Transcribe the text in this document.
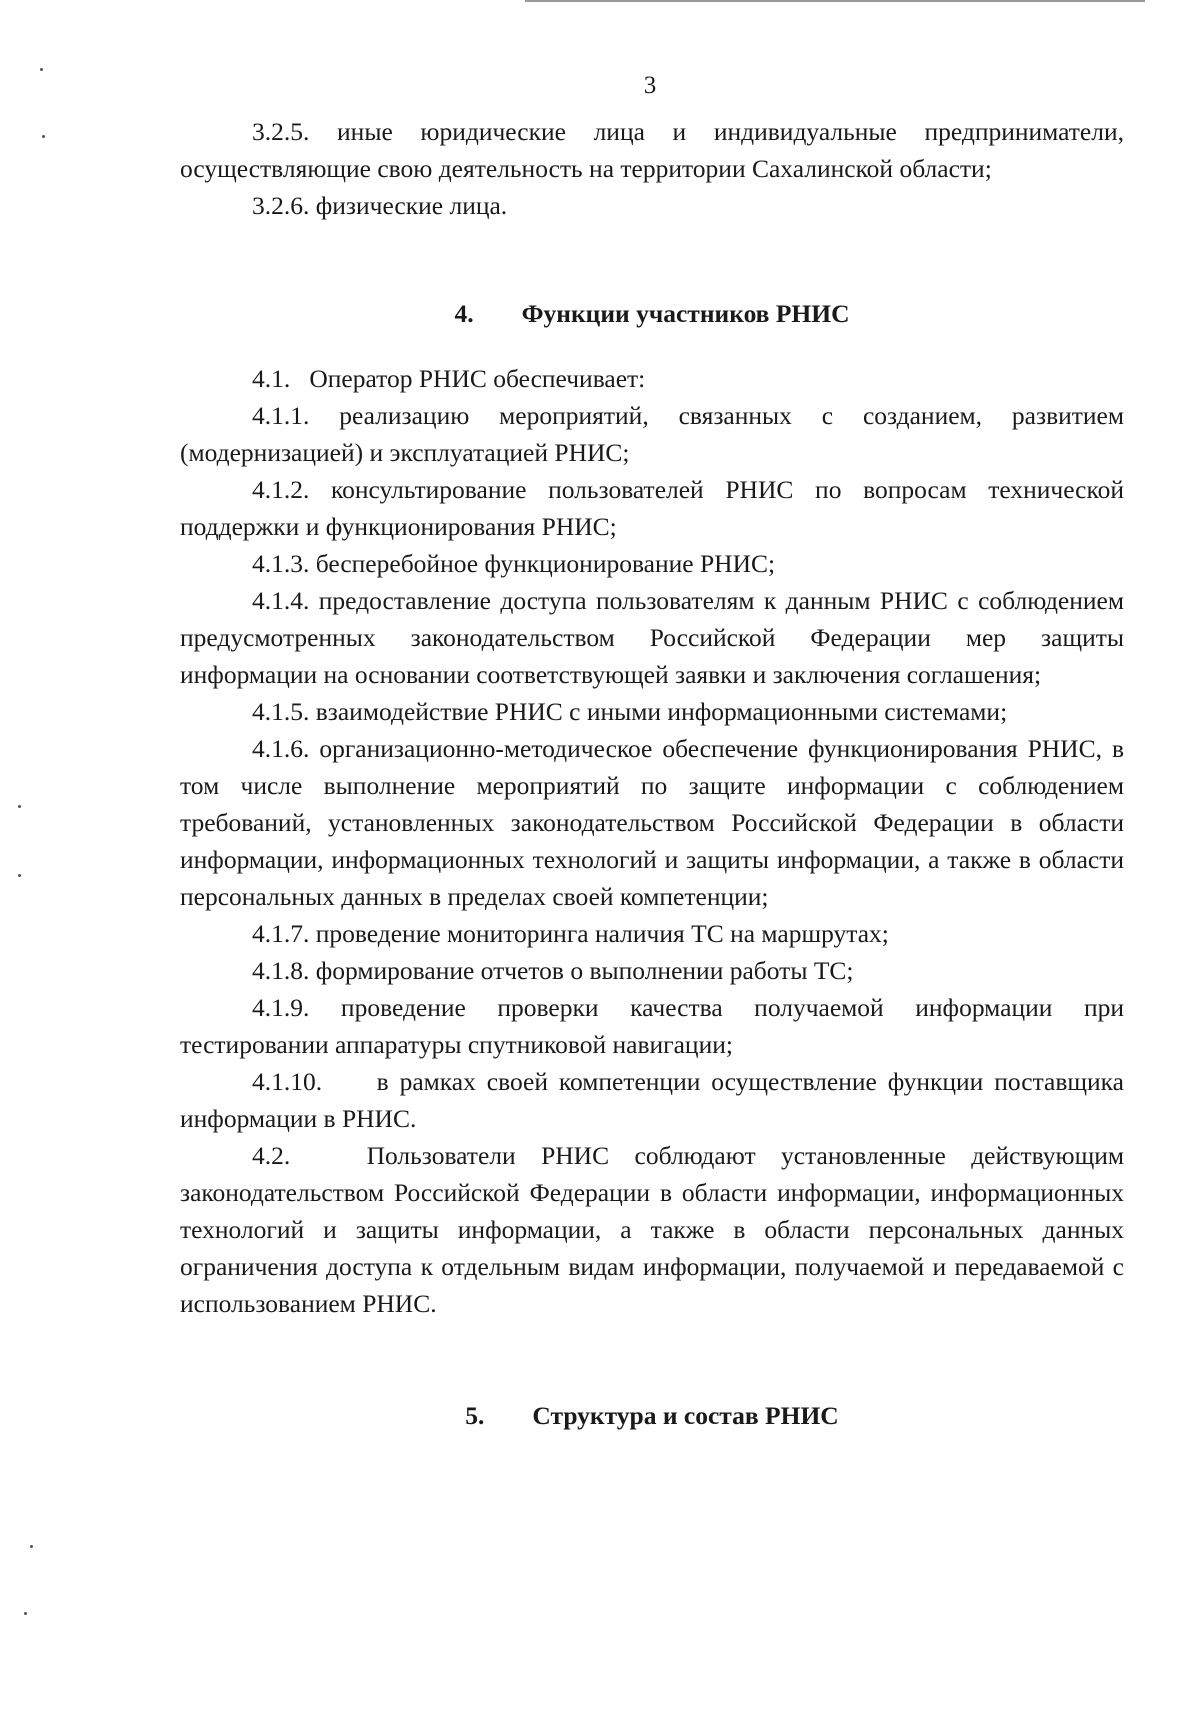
3

3.2.5. иные юридические лица и индивидуальные предприниматели, осуществляющие свою деятельность на территории Сахалинской области;

3.2.6. физические лица.

4. Функции участников РНИС

4.1.   Оператор РНИС обеспечивает:

4.1.1. реализацию мероприятий, связанных с созданием, развитием (модернизацией) и эксплуатацией РНИС;

4.1.2. консультирование пользователей РНИС по вопросам технической поддержки и функционирования РНИС;

4.1.3. бесперебойное функционирование РНИС;

4.1.4. предоставление доступа пользователям к данным РНИС с соблюдением предусмотренных законодательством Российской Федерации мер защиты информации на основании соответствующей заявки и заключения соглашения;

4.1.5. взаимодействие РНИС с иными информационными системами;

4.1.6. организационно-методическое обеспечение функционирования РНИС, в том числе выполнение мероприятий по защите информации с соблюдением требований, установленных законодательством Российской Федерации в области информации, информационных технологий и защиты информации, а также в области персональных данных в пределах своей компетенции;

4.1.7. проведение мониторинга наличия ТС на маршрутах;

4.1.8. формирование отчетов о выполнении работы ТС;

4.1.9. проведение проверки качества получаемой информации при тестировании аппаратуры спутниковой навигации;

4.1.10.     в рамках своей компетенции осуществление функции поставщика информации в РНИС.

4.2.   Пользователи РНИС соблюдают установленные действующим законодательством Российской Федерации в области информации, информационных технологий и защиты информации, а также в области персональных данных ограничения доступа к отдельным видам информации, получаемой и передаваемой с использованием РНИС.

5. Структура и состав РНИС
